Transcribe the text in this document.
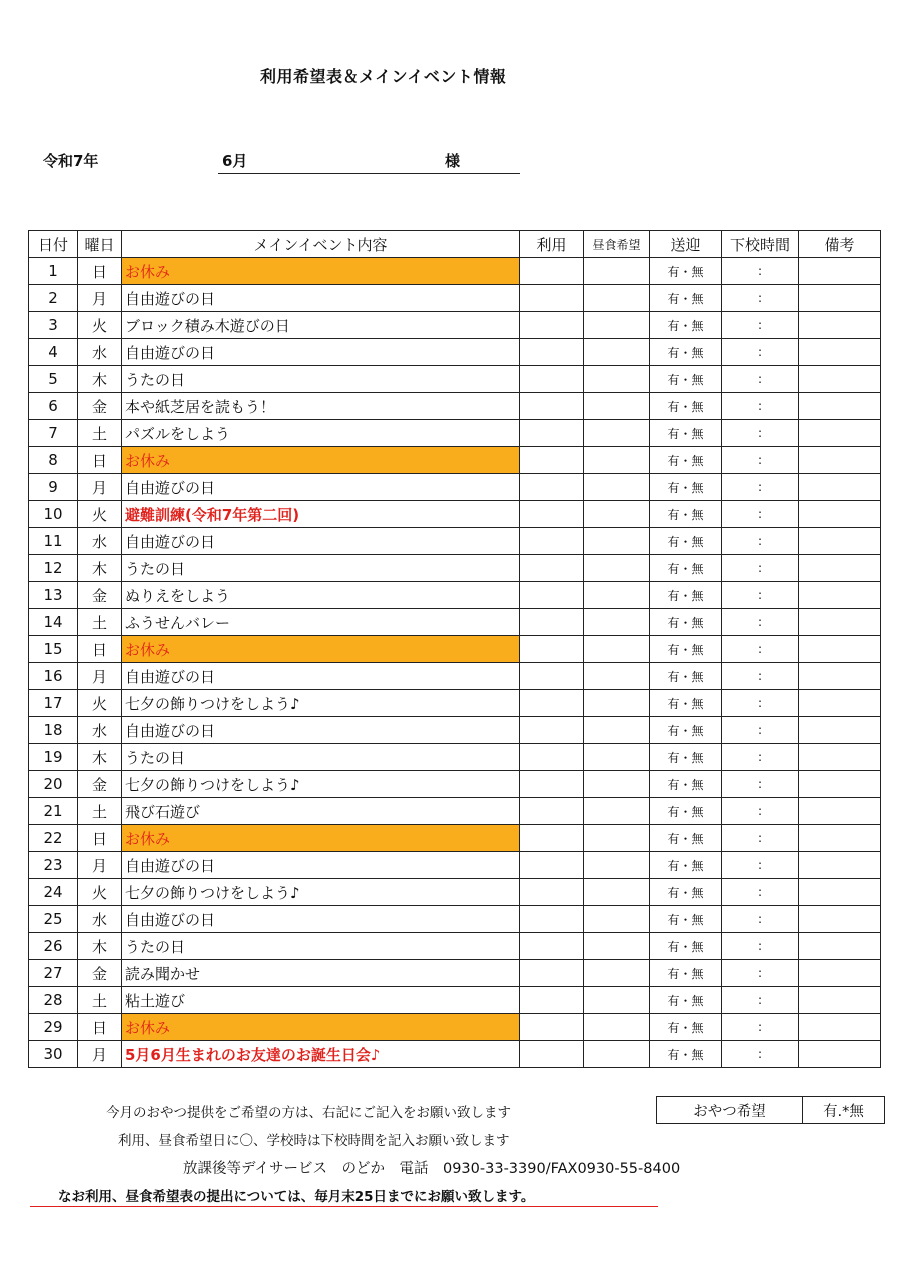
利用希望表＆メインイベント情報
令和7年	6月	様
日付	曜日	メインイベント内容	利用	昼食希望	送迎	下校時間	備考
1	日	お休み			有・無	:	
2	月	自由遊びの日			有・無	:	
3	火	ブロック積み木遊びの日			有・無	:	
4	水	自由遊びの日			有・無	:	
5	木	うたの日			有・無	:	
6	金	本や紙芝居を読もう！			有・無	:	
7	土	パズルをしよう			有・無	:	
8	日	お休み			有・無	:	
9	月	自由遊びの日			有・無	:	
10	火	避難訓練(令和7年第二回)			有・無	:	
11	水	自由遊びの日			有・無	:	
12	木	うたの日			有・無	:	
13	金	ぬりえをしよう			有・無	:	
14	土	ふうせんバレー			有・無	:	
15	日	お休み			有・無	:	
16	月	自由遊びの日			有・無	:	
17	火	七夕の飾りつけをしよう♪			有・無	:	
18	水	自由遊びの日			有・無	:	
19	木	うたの日			有・無	:	
20	金	七夕の飾りつけをしよう♪			有・無	:	
21	土	飛び石遊び			有・無	:	
22	日	お休み			有・無	:	
23	月	自由遊びの日			有・無	:	
24	火	七夕の飾りつけをしよう♪			有・無	:	
25	水	自由遊びの日			有・無	:	
26	木	うたの日			有・無	:	
27	金	読み聞かせ			有・無	:	
28	土	粘土遊び			有・無	:	
29	日	お休み			有・無	:	
30	月	5月6月生まれのお友達のお誕生日会♪			有・無	:	
今月のおやつ提供をご希望の方は、右記にご記入をお願い致します
利用、昼食希望日に〇、学校時は下校時間を記入お願い致します
放課後等デイサービス　のどか　電話　0930-33-3390/FAX0930-55-8400
なお利用、昼食希望表の提出については、毎月末25日までにお願い致します。
おやつ希望	有.*無
